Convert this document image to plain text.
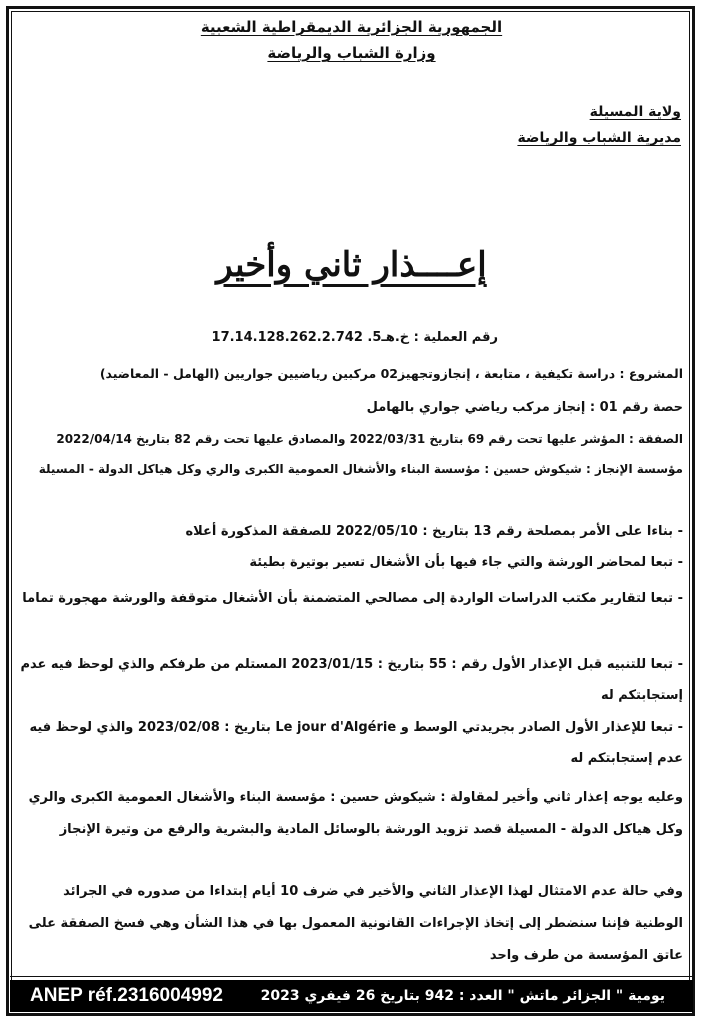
الجمهورية الجزائرية الديمقراطية الشعبية
وزارة الشباب والرياضة
ولاية المسيلة
مديرية الشباب والرياضة
إعــــذار ثاني وأخير
رقم العملية : خ.هـ5. 17.14.128.262.2.742
المشروع : دراسة تكيفية ، متابعة ، إنجازوتجهيز02 مركبين رياضيين جواريين (الهامل - المعاضيد)
حصة رقم 01 : إنجاز مركب رياضي جواري بالهامل
الصفقة : المؤشر عليها تحت رقم 69 بتاريخ 2022/03/31 والمصادق عليها تحت رقم 82 بتاريخ 2022/04/14
مؤسسة الإنجاز : شيكوش حسين : مؤسسة البناء والأشغال العمومية الكبرى والري وكل هياكل الدولة - المسيلة
- بناءا على الأمر بمصلحة رقم 13 بتاريخ : 2022/05/10 للصفقة المذكورة أعلاه
- تبعا لمحاضر الورشة والتي جاء فيها بأن الأشغال تسير بوتيرة بطيئة
- تبعا لتقارير مكتب الدراسات الواردة إلى مصالحي المتضمنة بأن الأشغال متوقفة والورشة مهجورة تماما
- تبعا للتنبيه قبل الإعذار الأول رقم : 55 بتاريخ : 2023/01/15 المستلم من طرفكم والذي لوحظ فيه عدم إستجابتكم له
- تبعا للإعذار الأول الصادر بجريدتي الوسط و Le jour d'Algérie بتاريخ : 2023/02/08 والذي لوحظ فيه عدم إستجابتكم له
وعليه يوجه إعذار ثاني وأخير لمقاولة : شيكوش حسين : مؤسسة البناء والأشغال العمومية الكبرى والري وكل هياكل الدولة - المسيلة قصد تزويد الورشة بالوسائل المادية والبشرية والرفع من وتيرة الإنجاز
وفي حالة عدم الامتثال لهذا الإعذار الثاني والأخير في ضرف 10 أيام إبتداءا من صدوره في الجرائد الوطنية فإننا سنضطر إلى إتخاذ الإجراءات القانونية المعمول بها في هذا الشأن وهي فسخ الصفقة على عاتق المؤسسة من طرف واحد
ANEP réf.2316004992	يومية " الجزائر ماتش " العدد : 942 بتاريخ 26 فيفري 2023
